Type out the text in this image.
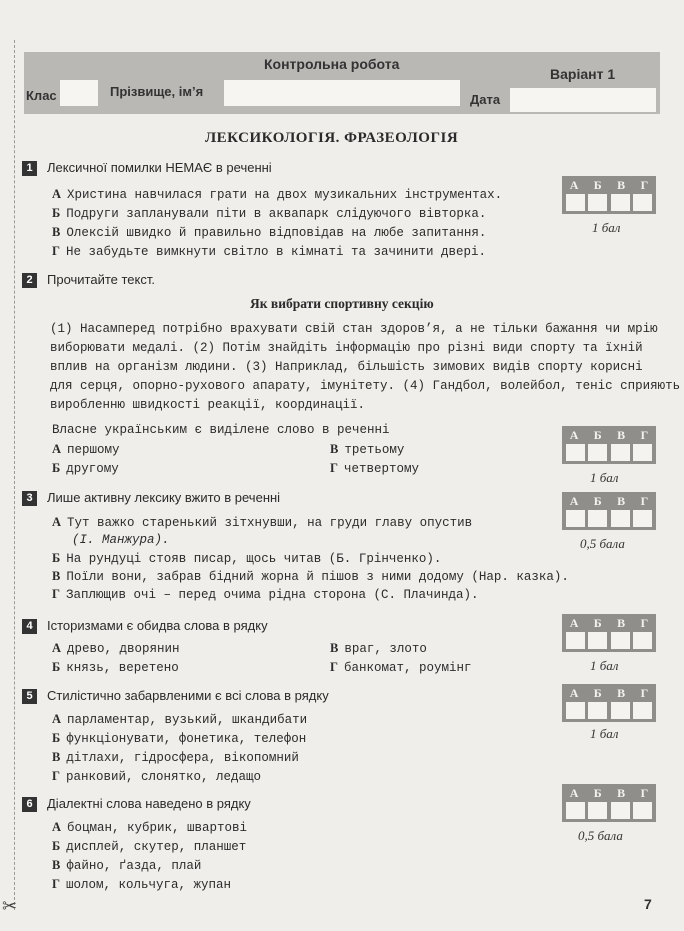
✂
Контрольна робота
Варіант 1
Клас	Прізвище, ім’я
Дата
ЛЕКСИКОЛОГІЯ. ФРАЗЕОЛОГІЯ
1 Лексичної помилки НЕМАЄ в реченні
А Христина навчилася грати на двох музикальних інструментах.
Б Подруги запланували піти в аквапарк слідуючого вівторка.
В Олексій швидко й правильно відповідав на любе запитання.
Г Не забудьте вимкнути світло в кімнаті та зачинити двері.
А Б В Г
1 бал
2 Прочитайте текст.
Як вибрати спортивну секцію
(1) Насамперед потрібно врахувати свій стан здоров’я, а не тільки бажання чи мрію
виборювати медалі. (2) Потім знайдіть інформацію про різні види спорту та їхній
вплив на організм людини. (3) Наприклад, більшість зимових видів спорту корисні
для серця, опорно-рухового апарату, імунітету. (4) Гандбол, волейбол, теніс сприяють
виробленню швидкості реакції, координації.
Власне українським є виділене слово в реченні
А першому
Б другому
В третьому
Г четвертому
А Б В Г
1 бал
3 Лише активну лексику вжито в реченні
А Тут важко старенький зітхнувши, на груди главу опустив
(І. Манжура).
Б На рундуці стояв писар, щось читав (Б. Грінченко).
В Поїли вони, забрав бідний жорна й пішов з ними додому (Нар. казка).
Г Заплющив очі – перед очима рідна сторона (С. Плачинда).
А Б В Г
0,5 бала
4 Історизмами є обидва слова в рядку
А древо, дворянин
Б князь, веретено
В враг, злото
Г банкомат, роумінг
А Б В Г
1 бал
5 Стилістично забарвленими є всі слова в рядку
А парламентар, вузький, шкандибати
Б функціонувати, фонетика, телефон
В дітлахи, гідросфера, вікопомний
Г ранковий, слонятко, ледащо
А Б В Г
1 бал
6 Діалектні слова наведено в рядку
А боцман, кубрик, швартові
Б дисплей, скутер, планшет
В файно, ґазда, плай
Г шолом, кольчуга, жупан
А Б В Г
0,5 бала
7
